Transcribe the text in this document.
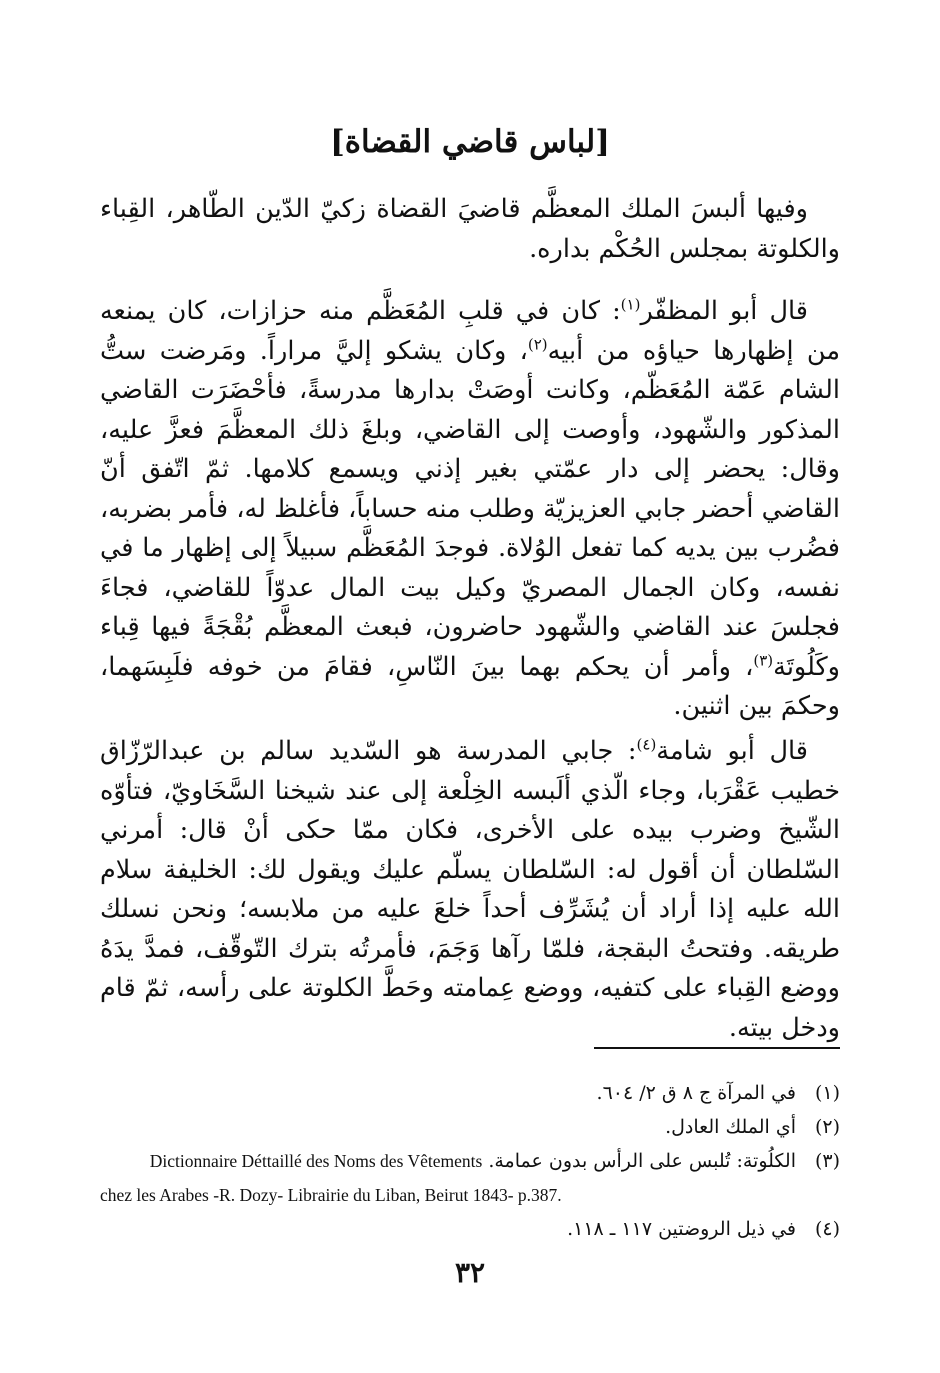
[لباس قاضي القضاة]

وفيها ألبسَ الملك المعظَّم قاضيَ القضاة زكيّ الدّين الطّاهر، القِباء والكلوتة بمجلس الحُكْم بداره.

قال أبو المظفّر$^{(١)}$: كان في قلبِ المُعَظَّم منه حزازات، كان يمنعه من إظهارها حياؤه من أبيه$^{(٢)}$، وكان يشكو إليَّ مراراً. ومَرضت ستُّ الشام عَمّة المُعَظّم، وكانت أوصَتْ بدارها مدرسةً، فأحْضَرَت القاضي المذكور والشّهود، وأوصت إلى القاضي، وبلغَ ذلك المعظَّمَ فعزَّ عليه، وقال: يحضر إلى دار عمّتي بغير إذني ويسمع كلامها. ثمّ اتّفق أنّ القاضي أحضر جابي العزيزيّة وطلب منه حساباً، فأغلظ له، فأمر بضربه، فضُرب بين يديه كما تفعل الوُلاة. فوجدَ المُعَظَّم سبيلاً إلى إظهار ما في نفسه، وكان الجمال المصريّ وكيل بيت المال عدوّاً للقاضي، فجاءَ فجلسَ عند القاضي والشّهود حاضرون، فبعث المعظَّم بُقْجَةً فيها قِباء وكَلُوتَة$^{(٣)}$، وأمر أن يحكم بهما بينَ النّاسِ، فقامَ من خوفه فلَبِسَهما، وحكمَ بين اثنين.

قال أبو شامة$^{(٤)}$: جابي المدرسة هو السّديد سالم بن عبدالرّزّاق خطيب عَقْرَبا، وجاء الّذي ألَبسه الخِلْعة إلى عند شيخنا السَّخَاويّ، فتأوّه الشّيخ وضرب بيده على الأخرى، فكان ممّا حكى أنْ قال: أمرني السّلطان أن أقول له: السّلطان يسلّم عليك ويقول لك: الخليفة سلام الله عليه إذا أراد أن يُشَرِّف أحداً خلعَ عليه من ملابسه؛ ونحن نسلك طريقه. وفتحتُ البقجة، فلمّا رآها وَجَمَ، فأمرتُه بترك التّوقّف، فمدَّ يدَهُ ووضع القِباء على كتفيه، ووضع عِمامته وحَطَّ الكلوتة على رأسه، ثمّ قام ودخل بيته.

(١)
في المرآة ج ٨ ق ٢/ ٦٠٤.
(٢)
أي الملك العادل.
(٣)
الكلُوتة: تُلبس على الرأس بدون عمامة. Dictionnaire Déttaillé des Noms des Vêtements
chez les Arabes -R. Dozy- Librairie du Liban, Beirut 1843- p.387.
(٤)
في ذيل الروضتين ١١٧ ـ ١١٨.
٣٢
